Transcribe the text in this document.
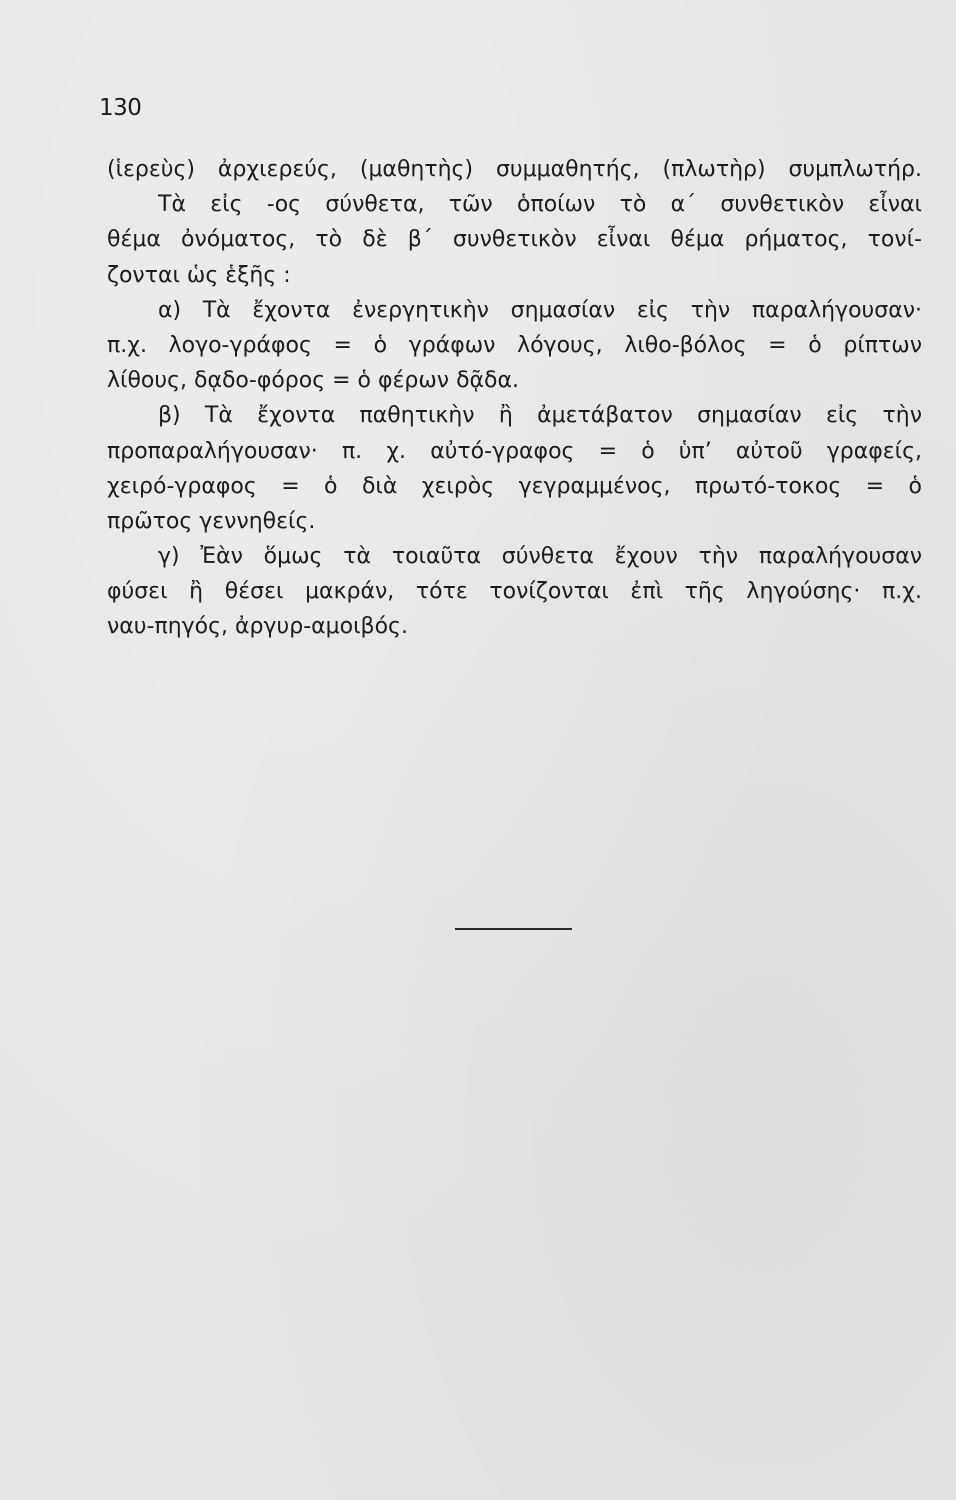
130
(ἱερεὺς) ἀρχιερεύς, (μαθητὴς) συμμαθητής, (πλωτὴρ) συμπλωτήρ.
Τὰ εἰς -ος σύνθετα, τῶν ὁποίων τὸ α΄ συνθετικὸν εἶναι
θέμα ὀνόματος, τὸ δὲ β΄ συνθετικὸν εἶναι θέμα ρήματος, τονί-
ζονται ὡς ἑξῆς :
α) Τὰ ἔχοντα ἐνεργητικὴν σημασίαν εἰς τὴν παραλήγουσαν·
π.χ. λογο-γράφος = ὁ γράφων λόγους, λιθο-βόλος = ὁ ρίπτων
λίθους, δᾳδο-φόρος = ὁ φέρων δᾷδα.
β) Τὰ ἔχοντα παθητικὴν ἢ ἀμετάβατον σημασίαν εἰς τὴν
προπαραλήγουσαν· π. χ. αὐτό-γραφος = ὁ ὑπ’ αὐτοῦ γραφείς,
χειρό-γραφος = ὁ διὰ χειρὸς γεγραμμένος, πρωτό-τοκος = ὁ
πρῶτος γεννηθείς.
γ) Ἐὰν ὅμως τὰ τοιαῦτα σύνθετα ἔχουν τὴν παραλήγουσαν
φύσει ἢ θέσει μακράν, τότε τονίζονται ἐπὶ τῆς ληγούσης· π.χ.
ναυ-πηγός, ἀργυρ-αμοιβός.
